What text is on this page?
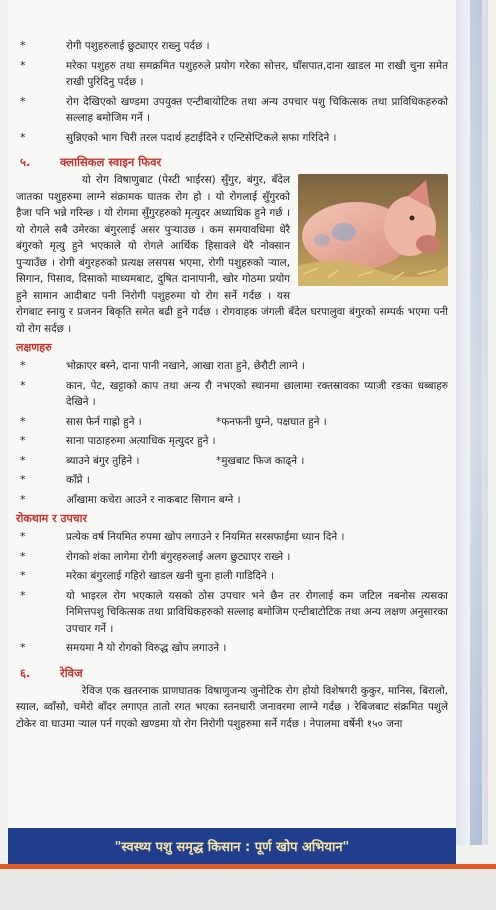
*	रोगी पशुहरुलाई छुट्याएर राख्नु पर्दछ ।
*	मरेका पशुहरु तथा समक्रमित पशुहरुले प्रयोग गरेका सोत्तर, घाँसपात,दाना खाडल मा राखी चुना समेत राखी पुरिदिनु पर्दछ ।
*	रोग देखिएको खण्डमा उपयुक्त एन्टीबायोटिक तथा अन्य उपचार पशु चिकित्सक तथा प्राविधिकहरुको सल्लाह बमोजिम गर्ने ।
*	सुन्निएको भाग चिरी तरल पदार्थ हटाईदिने र एन्टिसेप्टिकले सफा गरिदिने ।
५.	क्लासिकल स्वाइन फिवर

यो रोग विषाणुबाट (पेस्टी भाईरस) सुँगुर, बंगुर, बँदेल जातका पशुहरुमा लाग्ने संक्रामक घातक रोग हो । यो रोगलाई सुँगुरको हैजा पनि भन्ने गरिन्छ । यो रोगमा सुँगुरहरुको मृत्युदर अध्याधिक हुने गर्छ । यो रोगले सबै उमेरका बंगुरलाई असर पुऱ्याउछ । कम समयावधिमा धेरै बंगुरको मृत्यु हुने भएकाले यो रोगले आर्थिक हिसावले धेरै नोक्सान पुऱ्याउँछ । रोगी बंगुरहरुको प्रत्यक्ष लसपस भएमा, रोगी पशुहरुको ऱ्याल, सिगान, पिसाव, दिसाको माध्यमबाट, दुषित दानापानी, खोर गोठमा प्रयोग हुने सामान आदीबाट पनी निरोगी पशुहरुमा यो रोग सर्ने गर्दछ । यस रोगबाट स्नायु र प्रजनन बिकृति समेत बढी हुने गर्दछ । रोगवाहक जंगली बँदेल घरपालुवा बंगुरको सम्पर्क भएमा पनी यो रोग सर्दछ ।

लक्षणहरु
*	भोक्राएर बस्ने, दाना पानी नखाने, आखा राता हुने, छेरौटी लाग्ने ।
*	कान, पेट, खट्टाको काप तथा अन्य रौ नभएको स्थानमा छालामा रक्तस्रावका प्याजी रङका धब्बाहरु देखिने ।
*	सास फेर्न गाह्रो हुने ।	*फनफनी घुम्ने, पक्षघात हुने ।
*	साना पाठाहरुमा अत्याधिक मृत्युदर हुने ।
*	ब्याउने बंगुर तुहिने ।	*मुखबाट फिज काढ्ने ।
*	काँप्ने ।
*	आँखामा कचेरा आउने र नाकबाट सिगान बग्ने ।
रोकथाम र उपचार
*	प्रत्येक वर्ष नियमित रुपमा खोप लगाउने र नियमित सरसफाईमा ध्यान दिने ।
*	रोगको शंका लागेमा रोगी बंगुरहरुलाई अलग छुट्याएर राख्ने ।
*	मरेका बंगुरलाई गहिरो खाडल खनी चुना हाली गाडिदिने ।
*	यो भाइरल रोग भएकाले यसको ठोस उपचार भने छैन तर रोगलाई कम जटिल नबनोस त्यसका निमित्तपशु चिकित्सक तथा प्राविधिकहरुको सल्लाह बमोजिम एन्टीबाटोटिक तथा अन्य लक्षण अनुसारका उपचार गर्ने ।
*	समयमा नै यो रोगको विरुद्ध खोप लगाउने ।
६.	रेविज

रेविज एक खतरनाक प्राणघातक विषाणुजन्य जुनोटिक रोग होयो विशेषगरी कुकुर, मानिस, बिरालो, स्याल, ब्वाँसो, चमेरो बाँदर लगाएत तातो रगत भएका स्तनधारी जनावरमा लाग्ने गर्दछ । रेबिजबाट संक्रमित पशुले टोकेर वा घाउमा ऱ्याल पर्न गएको खण्डमा यो रोग निरोगी पशुहरुमा सर्ने गर्दछ । नेपालमा वर्षेनी १५० जना

"स्वस्थ्य पशु समृद्ध किसान : पूर्ण खोप अभियान"
